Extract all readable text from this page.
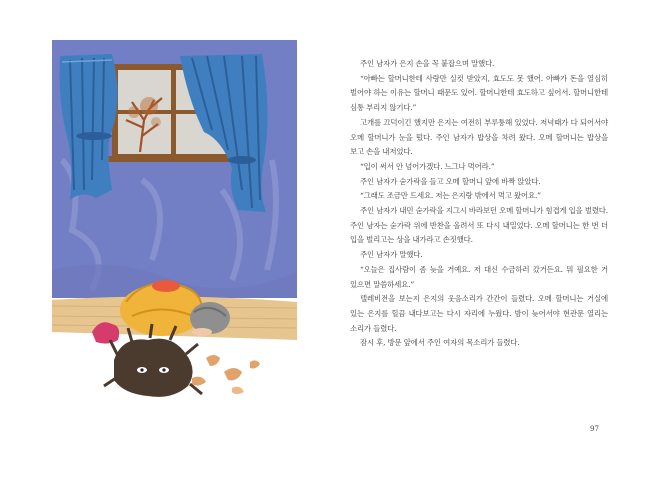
주인 남자가 은지 손을 꼭 붙잡으며 말했다.

“아빠는 할머니한테 사랑만 실컷 받았지, 효도도 못 했어. 아빠가 돈을 열심히 벌어야 하는 이유는 할머니 때문도 있어. 할머니한테 효도하고 싶어서. 할머니한테 심통 부리지 않기다.”

고개를 끄덕이긴 했지만 은지는 여전히 부루퉁해 있었다. 저녁때가 다 되어서야 오메 할머니가 눈을 떴다. 주인 남자가 밥상을 차려 왔다. 오메 할머니는 밥상을 보고 손을 내저었다.

“입이 써서 안 넘어가겠다. 느그나 먹어라.”

주인 남자가 숟가락을 들고 오메 할머니 앞에 바짝 앉았다.

“그래도 조금만 드세요. 저는 은지랑 밖에서 먹고 왔어요.”

주인 남자가 내민 숟가락을 지그시 바라보던 오메 할머니가 힘겹게 입을 벌렸다. 주인 남자는 숟가락 위에 반찬을 올려서 또 다시 내밀었다. 오메 할머니는 한 번 더 입을 벌리고는 상을 내가라고 손짓했다.

주인 남자가 말했다.

“오늘은 집사람이 좀 늦을 거예요. 저 대신 수금하러 갔거든요. 뭐 필요한 거 있으면 말씀하세요.”

텔레비전을 보는지 은지의 웃음소리가 간간이 들렸다. 오메 할머니는 거실에 있는 은지를 힐끔 내다보고는 다시 자리에 누웠다. 밤이 늦어서야 현관문 열리는 소리가 들렸다.

잠시 후, 방문 앞에서 주인 여자의 목소리가 들렸다.

97
